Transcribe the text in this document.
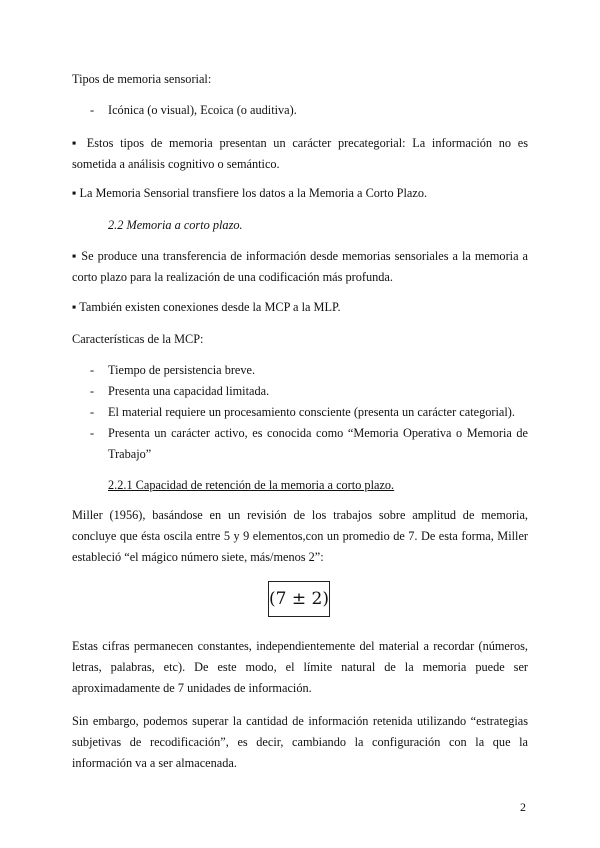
Tipos de memoria sensorial:
- Icónica (o visual), Ecoica (o auditiva).
▪ Estos tipos de memoria presentan un carácter precategorial: La información no es sometida a análisis cognitivo o semántico.
▪ La Memoria Sensorial transfiere los datos a la Memoria a Corto Plazo.
2.2 Memoria a corto plazo.
▪ Se produce una transferencia de información desde memorias sensoriales a la memoria a corto plazo para la realización de una codificación más profunda.
▪ También existen conexiones desde la MCP a la MLP.
Características de la MCP:
- Tiempo de persistencia breve.
- Presenta una capacidad limitada.
- El material requiere un procesamiento consciente (presenta un carácter categorial).
- Presenta un carácter activo, es conocida como “Memoria Operativa o Memoria de Trabajo”
2.2.1 Capacidad de retención de la memoria a corto plazo.
Miller (1956), basándose en un revisión de los trabajos sobre amplitud de memoria, concluye que ésta oscila entre 5 y 9 elementos,con un promedio de 7. De esta forma, Miller estableció “el mágico número siete, más/menos 2”:
(7 ± 2)
Estas cifras permanecen constantes, independientemente del material a recordar (números, letras, palabras, etc). De este modo, el límite natural de la memoria puede ser aproximadamente de 7 unidades de información.
Sin embargo, podemos superar la cantidad de información retenida utilizando “estrategias subjetivas de recodificación”, es decir, cambiando la configuración con la que la información va a ser almacenada.
2
